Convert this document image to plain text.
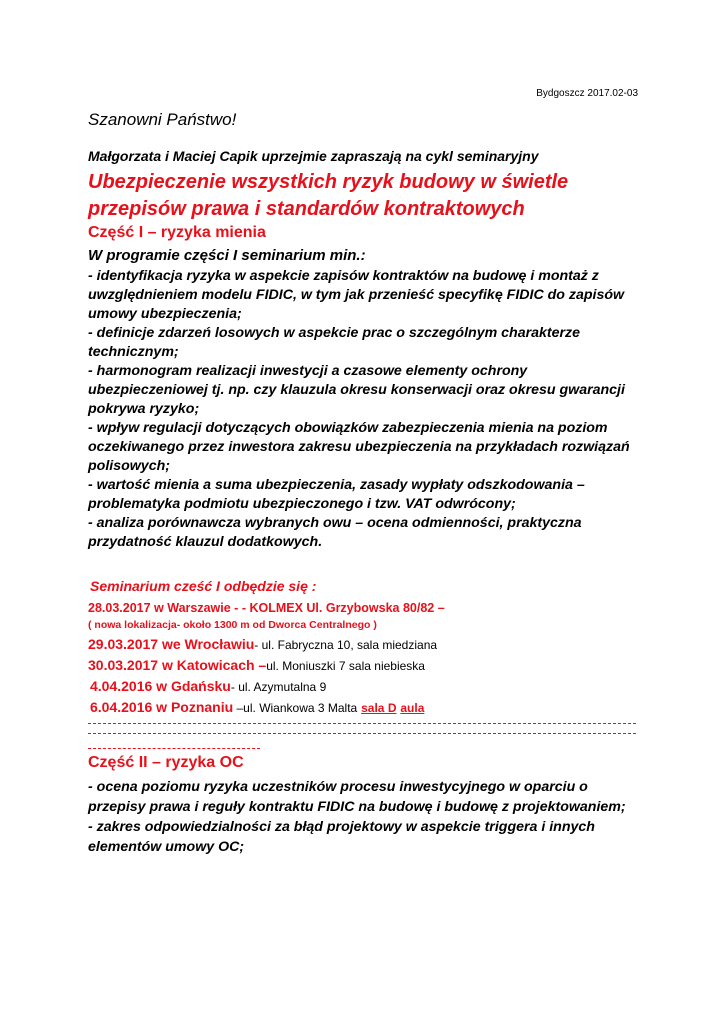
Bydgoszcz 2017.02-03
Szanowni Państwo!
Małgorzata i Maciej Capik uprzejmie zapraszają na cykl seminaryjny
Ubezpieczenie wszystkich ryzyk budowy w świetle przepisów prawa i standardów kontraktowych
Część I – ryzyka mienia
W programie części I seminarium min.:

- identyfikacja ryzyka w aspekcie zapisów kontraktów na budowę i montaż z uwzględnieniem modelu FIDIC, w tym jak przenieść specyfikę FIDIC do zapisów umowy ubezpieczenia;

- definicje zdarzeń losowych w aspekcie prac o szczególnym charakterze technicznym;

- harmonogram realizacji inwestycji a czasowe elementy ochrony ubezpieczeniowej tj. np. czy klauzula okresu konserwacji oraz okresu gwarancji pokrywa ryzyko;

- wpływ regulacji dotyczących obowiązków zabezpieczenia mienia na poziom oczekiwanego przez inwestora zakresu ubezpieczenia na przykładach rozwiązań polisowych;

- wartość mienia a suma ubezpieczenia, zasady wypłaty odszkodowania – problematyka podmiotu ubezpieczonego i tzw. VAT odwrócony;

- analiza porównawcza wybranych owu – ocena odmienności, praktyczna przydatność klauzul dodatkowych.

Seminarium cześć I odbędzie się :
28.03.2017 w Warszawie - - KOLMEX Ul. Grzybowska 80/82 –
( nowa lokalizacja- około 1300 m od Dworca Centralnego )
29.03.2017 we Wrocławiu- ul. Fabryczna 10, sala miedziana
30.03.2017 w Katowicach –ul. Moniuszki 7 sala niebieska
4.04.2016 w Gdańsku- ul. Azymutalna 9
6.04.2016 w Poznaniu –ul. Wiankowa 3 Malta sala D aula
Część II – ryzyka OC

- ocena poziomu ryzyka uczestników procesu inwestycyjnego w oparciu o przepisy prawa i reguły kontraktu FIDIC na budowę i budowę z projektowaniem;

- zakres odpowiedzialności za błąd projektowy w aspekcie triggera i innych elementów umowy OC;
